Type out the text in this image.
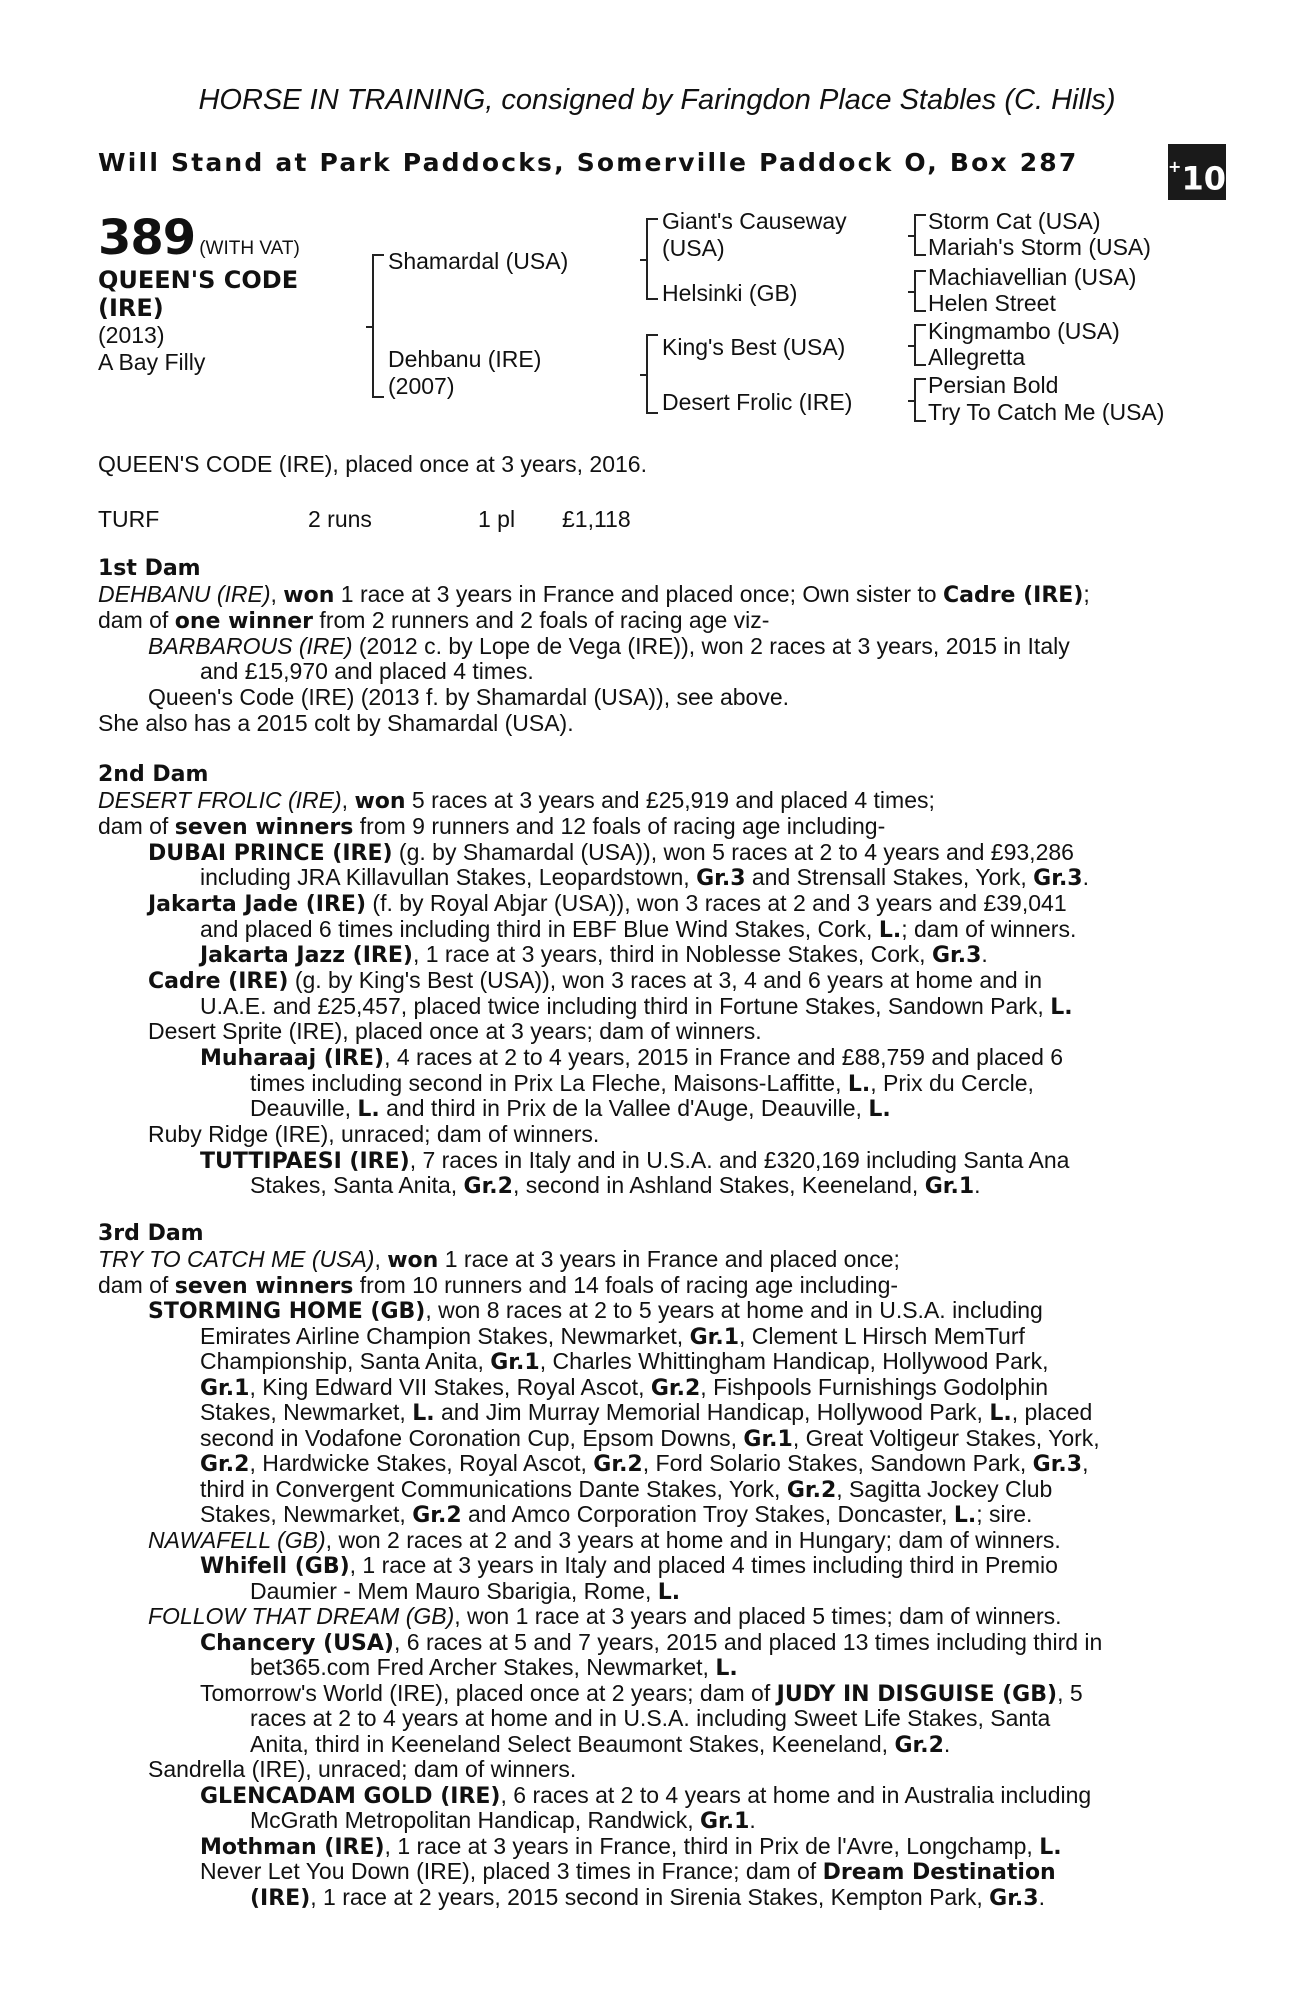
HORSE IN TRAINING, consigned by Faringdon Place Stables (C. Hills)
Will Stand at Park Paddocks, Somerville Paddock O, Box 287	+10
389 (WITH VAT)
QUEEN'S CODE
(IRE)
(2013)
A Bay Filly
Shamardal (USA)
Dehbanu (IRE)
(2007)
Giant's Causeway
(USA)
Helsinki (GB)
King's Best (USA)
Desert Frolic (IRE)
Storm Cat (USA)
Mariah's Storm (USA)
Machiavellian (USA)
Helen Street
Kingmambo (USA)
Allegretta
Persian Bold
Try To Catch Me (USA)
QUEEN'S CODE (IRE), placed once at 3 years, 2016.
TURF	2 runs	1 pl £1,118
1st Dam
DEHBANU (IRE), won 1 race at 3 years in France and placed once; Own sister to Cadre (IRE);
dam of one winner from 2 runners and 2 foals of racing age viz-
BARBAROUS (IRE) (2012 c. by Lope de Vega (IRE)), won 2 races at 3 years, 2015 in Italy
and £15,970 and placed 4 times.
Queen's Code (IRE) (2013 f. by Shamardal (USA)), see above.
She also has a 2015 colt by Shamardal (USA).
2nd Dam
DESERT FROLIC (IRE), won 5 races at 3 years and £25,919 and placed 4 times;
dam of seven winners from 9 runners and 12 foals of racing age including-
DUBAI PRINCE (IRE) (g. by Shamardal (USA)), won 5 races at 2 to 4 years and £93,286
including JRA Killavullan Stakes, Leopardstown, Gr.3 and Strensall Stakes, York, Gr.3.
Jakarta Jade (IRE) (f. by Royal Abjar (USA)), won 3 races at 2 and 3 years and £39,041
and placed 6 times including third in EBF Blue Wind Stakes, Cork, L.; dam of winners.
Jakarta Jazz (IRE), 1 race at 3 years, third in Noblesse Stakes, Cork, Gr.3.
Cadre (IRE) (g. by King's Best (USA)), won 3 races at 3, 4 and 6 years at home and in
U.A.E. and £25,457, placed twice including third in Fortune Stakes, Sandown Park, L.
Desert Sprite (IRE), placed once at 3 years; dam of winners.
Muharaaj (IRE), 4 races at 2 to 4 years, 2015 in France and £88,759 and placed 6
times including second in Prix La Fleche, Maisons-Laffitte, L., Prix du Cercle,
Deauville, L. and third in Prix de la Vallee d'Auge, Deauville, L.
Ruby Ridge (IRE), unraced; dam of winners.
TUTTIPAESI (IRE), 7 races in Italy and in U.S.A. and £320,169 including Santa Ana
Stakes, Santa Anita, Gr.2, second in Ashland Stakes, Keeneland, Gr.1.
3rd Dam
TRY TO CATCH ME (USA), won 1 race at 3 years in France and placed once;
dam of seven winners from 10 runners and 14 foals of racing age including-
STORMING HOME (GB), won 8 races at 2 to 5 years at home and in U.S.A. including
Emirates Airline Champion Stakes, Newmarket, Gr.1, Clement L Hirsch MemTurf
Championship, Santa Anita, Gr.1, Charles Whittingham Handicap, Hollywood Park,
Gr.1, King Edward VII Stakes, Royal Ascot, Gr.2, Fishpools Furnishings Godolphin
Stakes, Newmarket, L. and Jim Murray Memorial Handicap, Hollywood Park, L., placed
second in Vodafone Coronation Cup, Epsom Downs, Gr.1, Great Voltigeur Stakes, York,
Gr.2, Hardwicke Stakes, Royal Ascot, Gr.2, Ford Solario Stakes, Sandown Park, Gr.3,
third in Convergent Communications Dante Stakes, York, Gr.2, Sagitta Jockey Club
Stakes, Newmarket, Gr.2 and Amco Corporation Troy Stakes, Doncaster, L.; sire.
NAWAFELL (GB), won 2 races at 2 and 3 years at home and in Hungary; dam of winners.
Whifell (GB), 1 race at 3 years in Italy and placed 4 times including third in Premio
Daumier - Mem Mauro Sbarigia, Rome, L.
FOLLOW THAT DREAM (GB), won 1 race at 3 years and placed 5 times; dam of winners.
Chancery (USA), 6 races at 5 and 7 years, 2015 and placed 13 times including third in
bet365.com Fred Archer Stakes, Newmarket, L.
Tomorrow's World (IRE), placed once at 2 years; dam of JUDY IN DISGUISE (GB), 5
races at 2 to 4 years at home and in U.S.A. including Sweet Life Stakes, Santa
Anita, third in Keeneland Select Beaumont Stakes, Keeneland, Gr.2.
Sandrella (IRE), unraced; dam of winners.
GLENCADAM GOLD (IRE), 6 races at 2 to 4 years at home and in Australia including
McGrath Metropolitan Handicap, Randwick, Gr.1.
Mothman (IRE), 1 race at 3 years in France, third in Prix de l'Avre, Longchamp, L.
Never Let You Down (IRE), placed 3 times in France; dam of Dream Destination
(IRE), 1 race at 2 years, 2015 second in Sirenia Stakes, Kempton Park, Gr.3.
